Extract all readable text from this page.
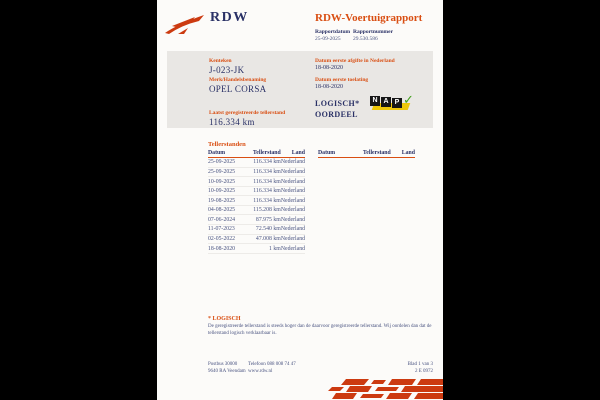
RDW	RDW-Voertuigrapport
Rapportdatum
25-09-2025
Rapportnummer
29.530.586
Kenteken
J-023-JK
Merk/Handelsbenaming
OPEL CORSA
Laatst geregistreerde tellerstand
116.334 km
Datum eerste afgifte in Nederland
18-08-2020
Datum eerste toelating
18-08-2020
LOGISCH*
OORDEEL
N A P ✓
Tellerstanden
Datum	Tellerstand	Land
25-09-2025	116.334 km	Nederland
25-09-2025	116.334 km	Nederland
10-09-2025	116.334 km	Nederland
10-09-2025	116.334 km	Nederland
19-08-2025	116.334 km	Nederland
04-08-2025	115.208 km	Nederland
07-06-2024	87.975 km	Nederland
11-07-2023	72.540 km	Nederland
02-05-2022	47.008 km	Nederland
18-08-2020	1 km	Nederland
Datum	Tellerstand	Land
* LOGISCH
De geregistreerde tellerstand is steeds hoger dan de daarvoor geregistreerde tellerstand. Wij oordelen dan dat de tellerstand logisch verklaarbaar is.
Postbus 30000
9640 RA Veendam
Telefoon 088 008 74 47
www.rdw.nl
Blad 1 van 3
2 E 0972
